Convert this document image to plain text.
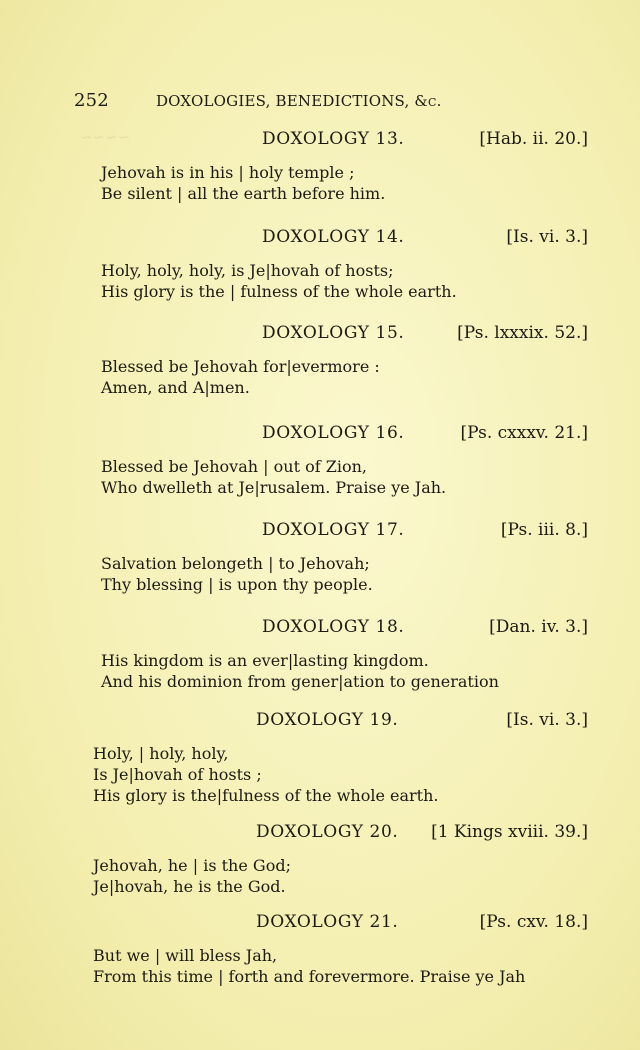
252	DOXOLOGIES, BENEDICTIONS, &c.
~~~~	DOXOLOGY 13.	[Hab. ii. 20.]
Jehovah is in his | holy temple ;
Be silent | all the earth before him.
DOXOLOGY 14.	[Is. vi. 3.]
Holy, holy, holy, is Je|hovah of hosts;
His glory is the | fulness of the whole earth.
DOXOLOGY 15.	[Ps. lxxxix. 52.]
Blessed be Jehovah for|evermore :
Amen, and A|men.
DOXOLOGY 16.	[Ps. cxxxv. 21.]
Blessed be Jehovah | out of Zion,
Who dwelleth at Je|rusalem. Praise ye Jah.
DOXOLOGY 17.	[Ps. iii. 8.]
Salvation belongeth | to Jehovah;
Thy blessing | is upon thy people.
DOXOLOGY 18.	[Dan. iv. 3.]
His kingdom is an ever|lasting kingdom.
And his dominion from gener|ation to generation
DOXOLOGY 19.	[Is. vi. 3.]
Holy, | holy, holy,
Is Je|hovah of hosts ;
His glory is the|fulness of the whole earth.
DOXOLOGY 20. [1 Kings xviii. 39.]
Jehovah, he | is the God;
Je|hovah, he is the God.
DOXOLOGY 21.	[Ps. cxv. 18.]
But we | will bless Jah,
From this time | forth and forevermore. Praise ye Jah
